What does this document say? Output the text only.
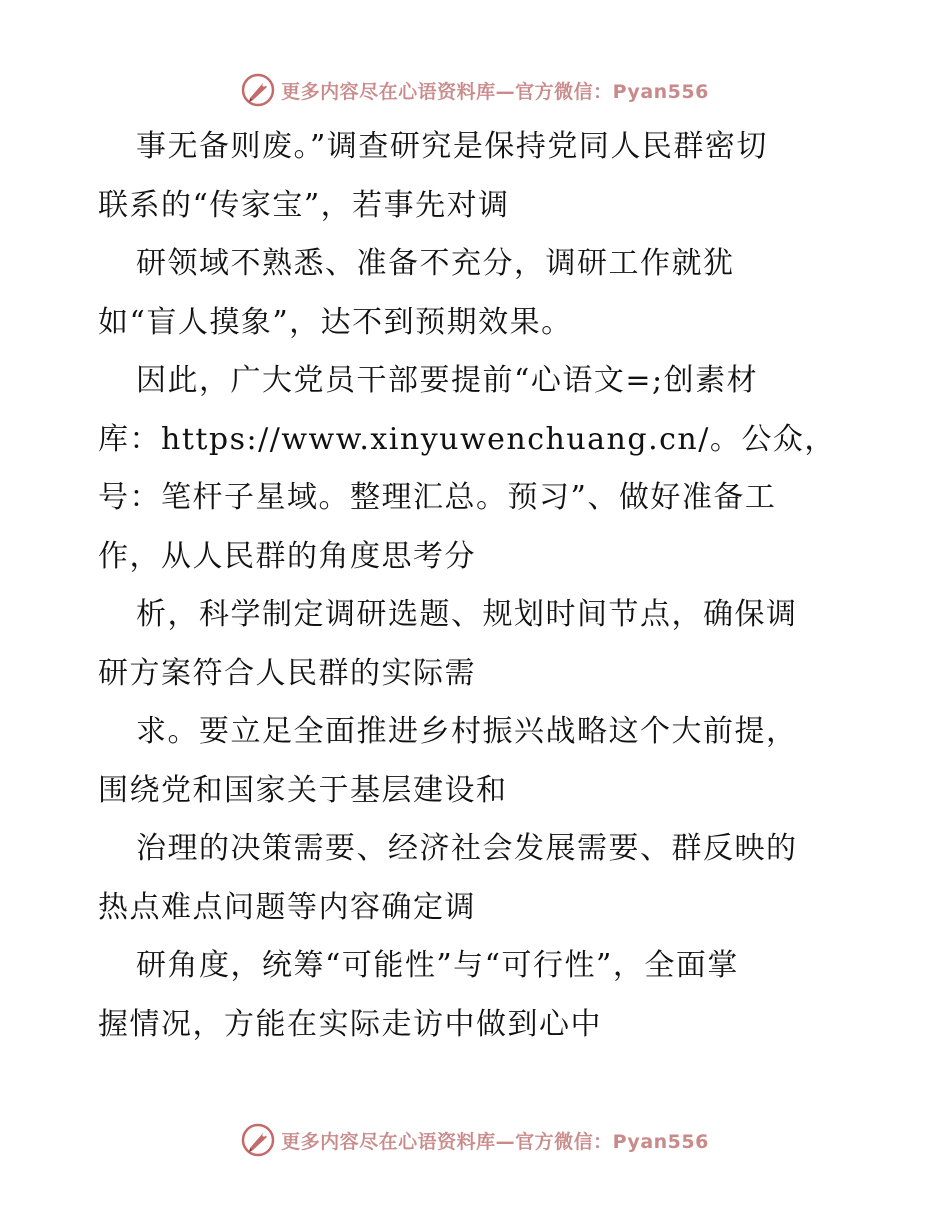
更多内容尽在心语资料库—官方微信：Pyan556
事无备则废。”调查研究是保持党同人民群密切
联系的“传家宝”，若事先对调
研领域不熟悉、准备不充分，调研工作就犹
如“盲人摸象”，达不到预期效果。
因此，广大党员干部要提前“心语文=;创素材
库：https://www.xinyuwenchuang.cn/。公众，
号：笔杆子星域。整理汇总。预习”、做好准备工
作，从人民群的角度思考分
析，科学制定调研选题、规划时间节点，确保调
研方案符合人民群的实际需
求。要立足全面推进乡村振兴战略这个大前提，
围绕党和国家关于基层建设和
治理的决策需要、经济社会发展需要、群反映的
热点难点问题等内容确定调
研角度，统筹“可能性”与“可行性”，全面掌
握情况，方能在实际走访中做到心中
更多内容尽在心语资料库—官方微信：Pyan556
